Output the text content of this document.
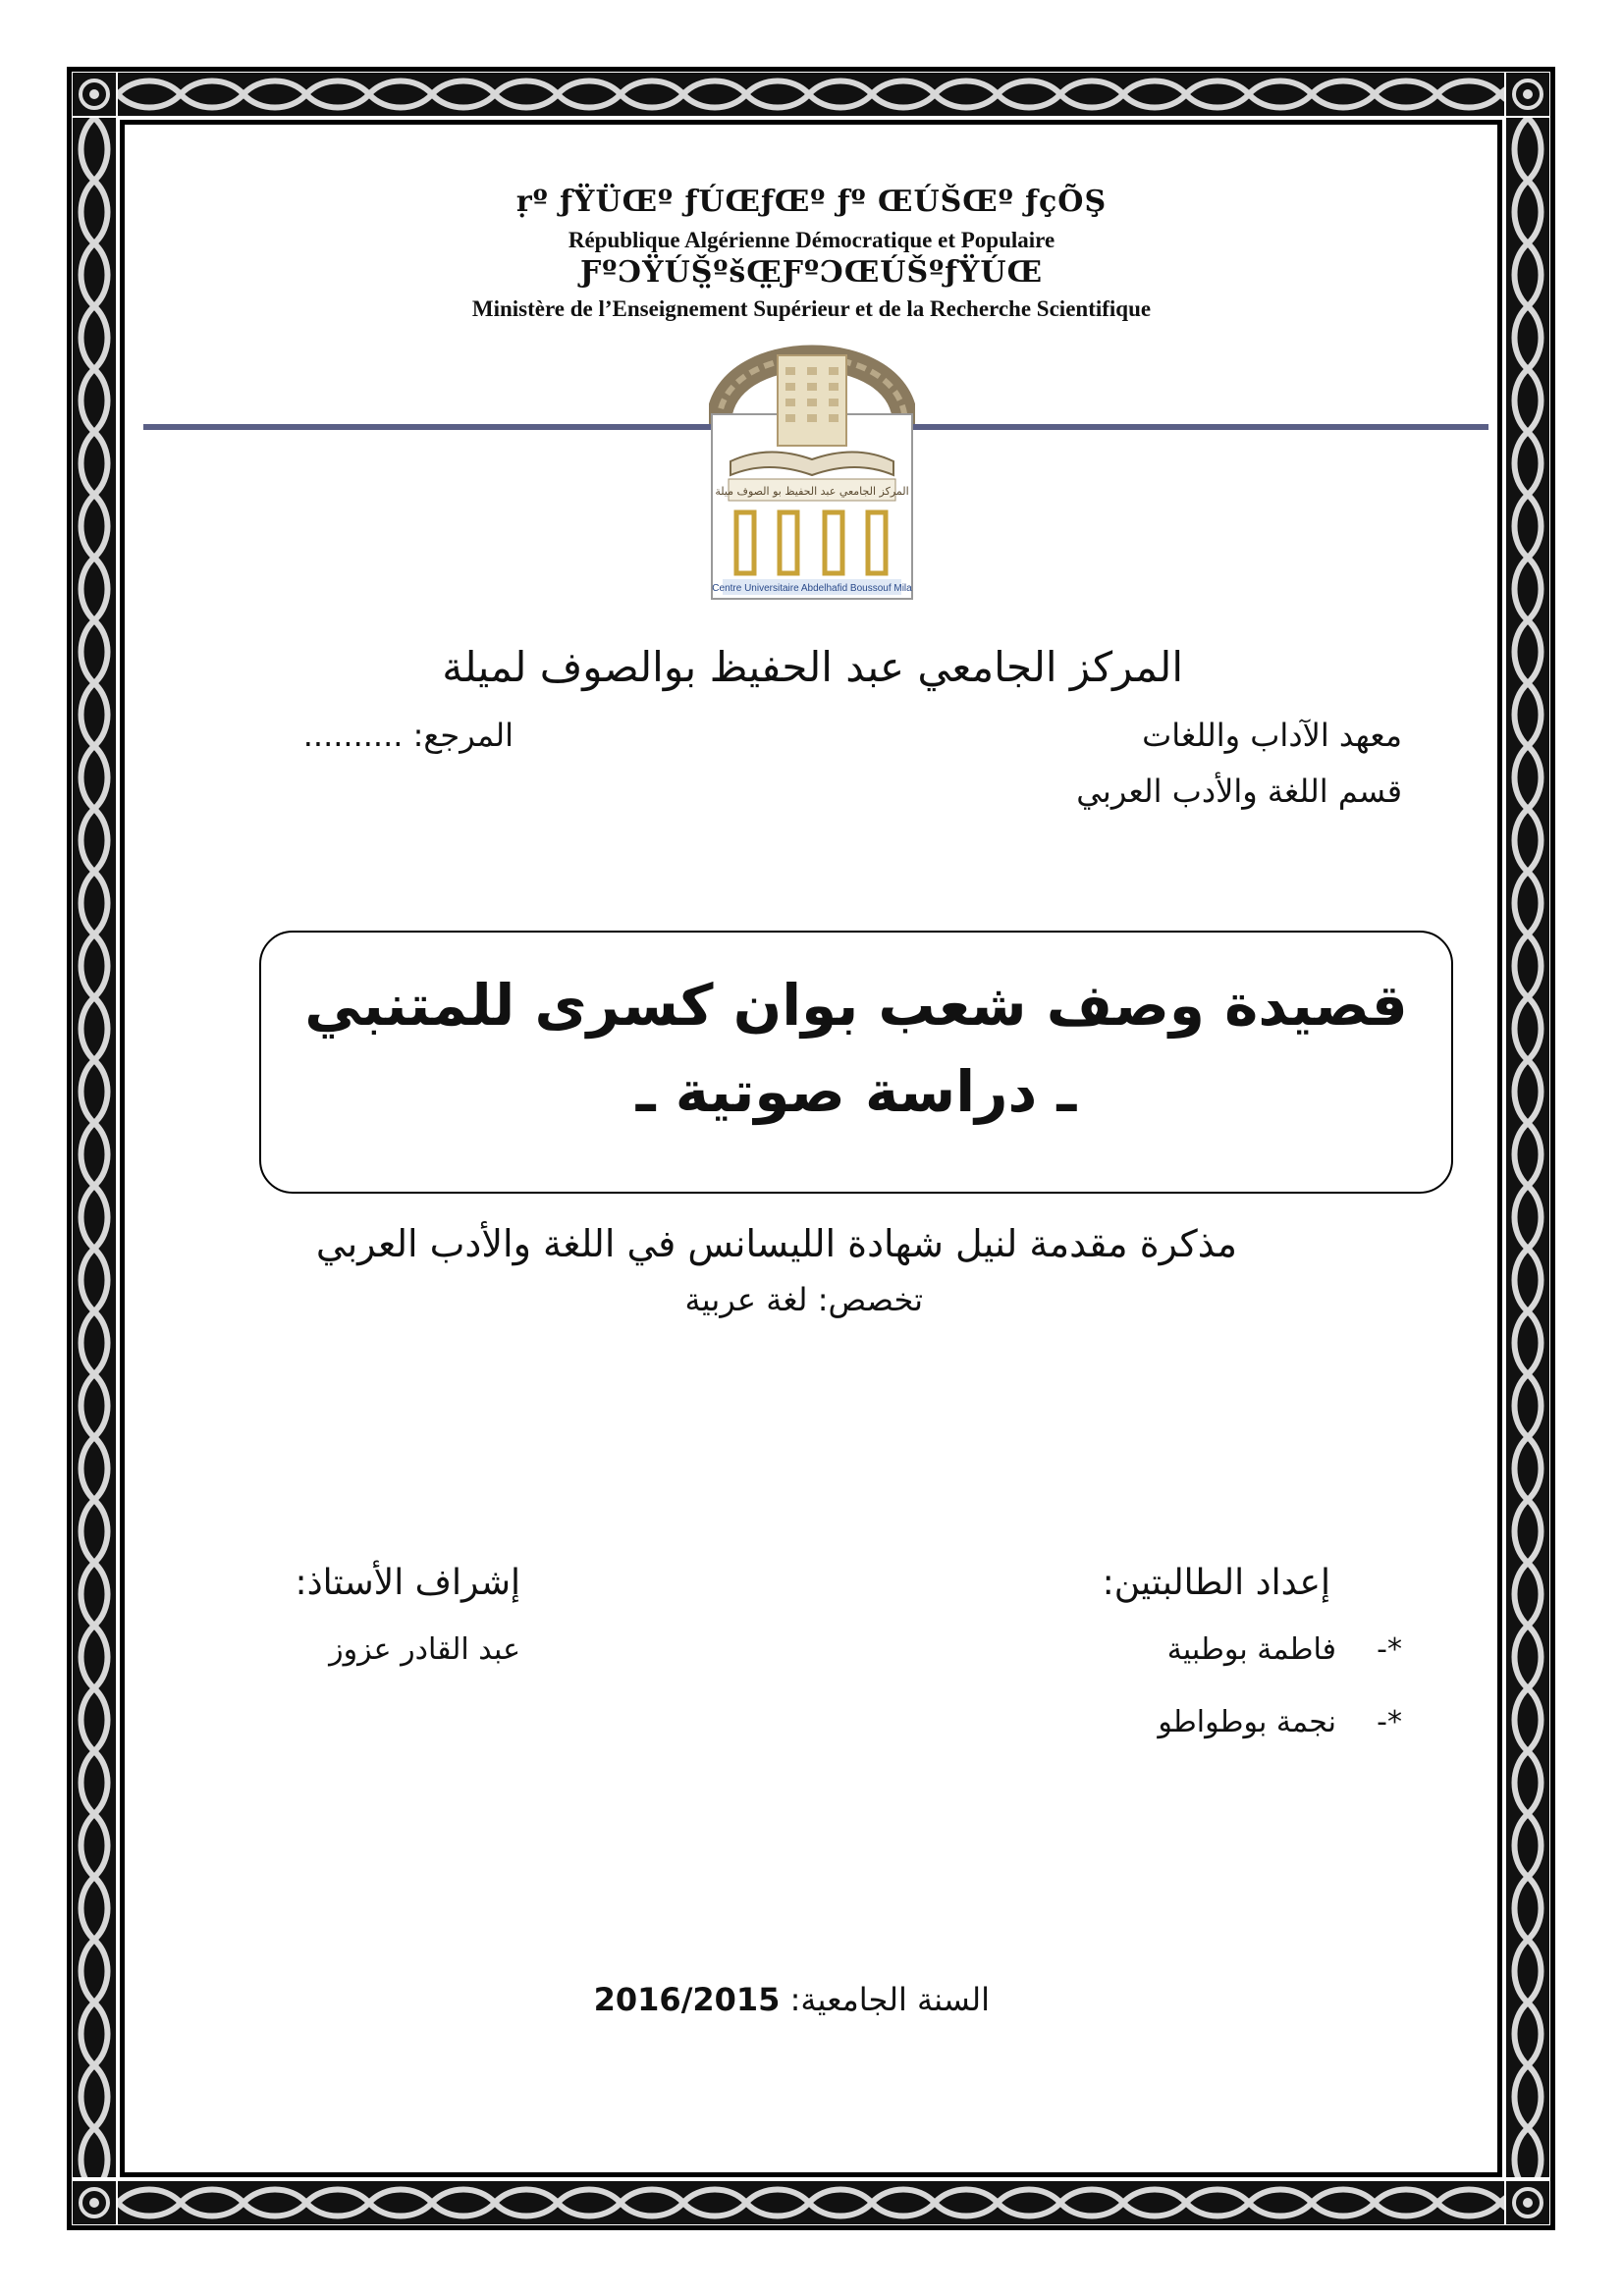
ṛº ƒŸÜŒº ƒÚŒƒŒº ƒº ŒÚŠŒº ƒçÕŞ
République Algérienne Démocratique et Populaire
ƑºƆŸÚŠ̤ºšŒ̤ƑºƆŒÚŠºƒŸÚŒ
Ministère de l’Enseignement Supérieur et de la Recherche Scientifique
المركز الجامعي عبد الحفيظ بو الصوف ميلة
Centre Universitaire Abdelhafid Boussouf Mila
المركز الجامعي عبد الحفيظ بوالصوف لميلة
معهد الآداب واللغات
المرجع: ..........
قسم اللغة والأدب العربي
قصيدة وصف شعب بوان كسرى للمتنبي
ـ دراسة صوتية ـ
مذكرة مقدمة لنيل شهادة الليسانس في اللغة والأدب العربي
تخصص: لغة عربية
إعداد الطالبتين:
إشراف الأستاذ:
*-
فاطمة بوطبية
عبد القادر عزوز
*-
نجمة بوطواطو
السنة الجامعية: 2016/2015
